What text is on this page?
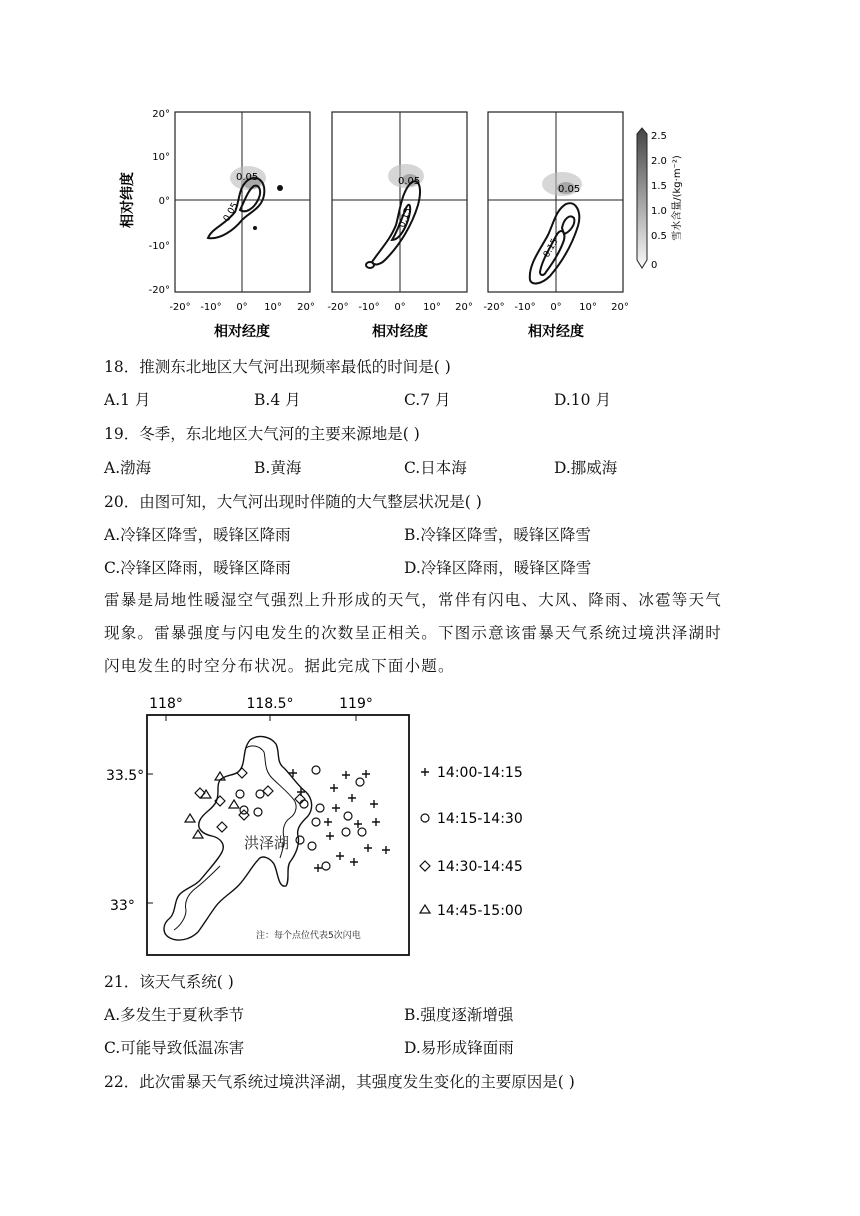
相对纬度
20°
10°
0°
-10°
-20°
0.05
0.05
-20° -10° 0° 10° 20°
相对经度
0.05
0.15
-20° -10° 0° 10° 20°
相对经度
0.05
0.15
-20° -10° 0° 10° 20°
相对经度
2.5
2.0
1.5
1.0
0.5
0
雪水含量/(kg·m⁻²)
18．推测东北地区大气河出现频率最低的时间是( )
A.1 月	B.4 月	C.7 月	D.10 月
19．冬季，东北地区大气河的主要来源地是( )
A.渤海	B.黄海	C.日本海	D.挪威海
20．由图可知，大气河出现时伴随的大气整层状况是( )
A.冷锋区降雪，暖锋区降雨	B.冷锋区降雪，暖锋区降雪
C.冷锋区降雨，暖锋区降雨	D.冷锋区降雨，暖锋区降雪
雷暴是局地性暖湿空气强烈上升形成的天气，常伴有闪电、大风、降雨、冰雹等天气
现象。雷暴强度与闪电发生的次数呈正相关。下图示意该雷暴天气系统过境洪泽湖时
闪电发生的时空分布状况。据此完成下面小题。
118°	118.5°	119°
33.5°
33°
洪泽湖
注：每个点位代表5次闪电
14:00-14:15
14:15-14:30
14:30-14:45
14:45-15:00
21．该天气系统( )
A.多发生于夏秋季节	B.强度逐渐增强
C.可能导致低温冻害	D.易形成锋面雨
22．此次雷暴天气系统过境洪泽湖，其强度发生变化的主要原因是( )
